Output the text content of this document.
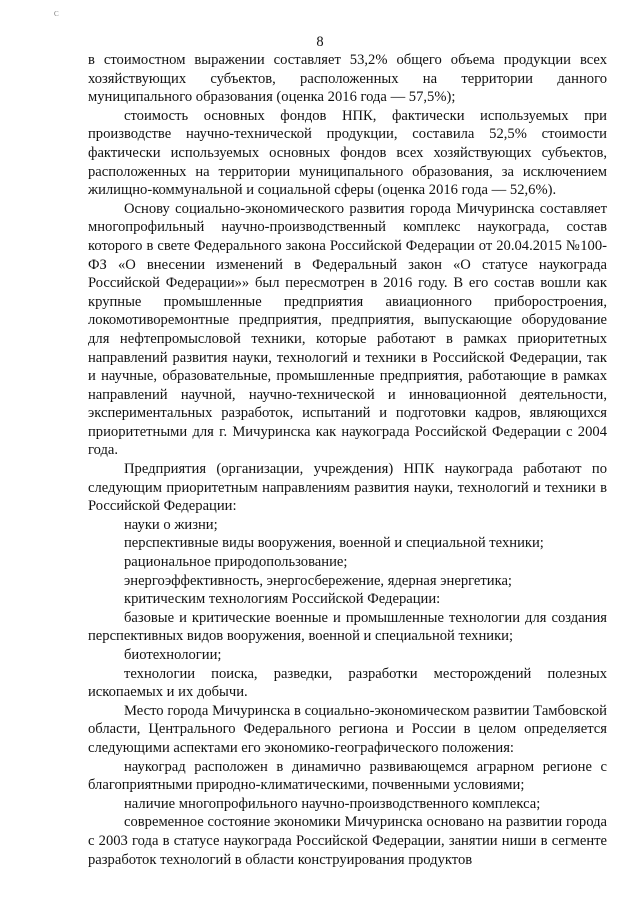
C
8

в стоимостном выражении составляет 53,2% общего объема продукции всех хозяйствующих субъектов, расположенных на территории данного муниципального образования (оценка 2016 года — 57,5%);

стоимость основных фондов НПК, фактически используемых при производстве научно-технической продукции, составила 52,5% стоимости фактически используемых основных фондов всех хозяйствующих субъектов, расположенных на территории муниципального образования, за исключением жилищно-коммунальной и социальной сферы (оценка 2016 года — 52,6%).

Основу социально-экономического развития города Мичуринска составляет многопрофильный научно-производственный комплекс наукограда, состав которого в свете Федерального закона Российской Федерации от 20.04.2015 №100-ФЗ «О внесении изменений в Федеральный закон «О статусе наукограда Российской Федерации»» был пересмотрен в 2016 году. В его состав вошли как крупные промышленные предприятия авиационного приборостроения, локомотиворемонтные предприятия, предприятия, выпускающие оборудование для нефтепромысловой техники, которые работают в рамках приоритетных направлений развития науки, технологий и техники в Российской Федерации, так и научные, образовательные, промышленные предприятия, работающие в рамках направлений научной, научно-технической и инновационной деятельности, экспериментальных разработок, испытаний и подготовки кадров, являющихся приоритетными для г. Мичуринска как наукограда Российской Федерации с 2004 года.

Предприятия (организации, учреждения) НПК наукограда работают по следующим приоритетным направлениям развития науки, технологий и техники в Российской Федерации:

науки о жизни;

перспективные виды вооружения, военной и специальной техники;

рациональное природопользование;

энергоэффективность, энергосбережение, ядерная энергетика;

критическим технологиям Российской Федерации:

базовые и критические военные и промышленные технологии для создания перспективных видов вооружения, военной и специальной техники;

биотехнологии;

технологии поиска, разведки, разработки месторождений полезных ископаемых и их добычи.

Место города Мичуринска в социально-экономическом развитии Тамбовской области, Центрального Федерального региона и России в целом определяется следующими аспектами его экономико-географического положения:

наукоград расположен в динамично развивающемся аграрном регионе с благоприятными природно-климатическими, почвенными условиями;

наличие многопрофильного научно-производственного комплекса;

современное состояние экономики Мичуринска основано на развитии города с 2003 года в статусе наукограда Российской Федерации, занятии ниши в сегменте разработок технологий в области конструирования продуктов
